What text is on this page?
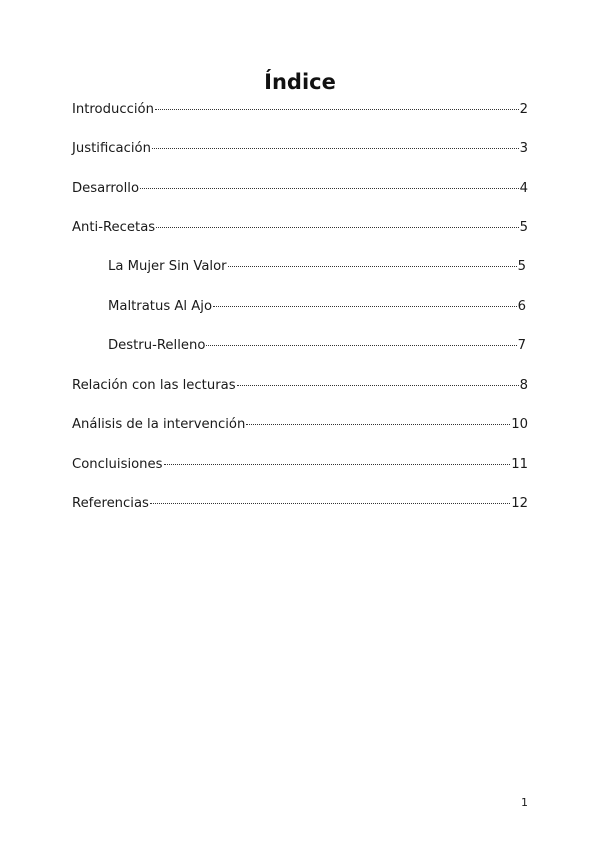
Índice
Introducción	2
Justificación	3
Desarrollo	4
Anti-Recetas	5
La Mujer Sin Valor	5
Maltratus Al Ajo	6
Destru-Relleno	7
Relación con las lecturas	8
Análisis de la intervención	10
Concluisiones	11
Referencias	12
1
